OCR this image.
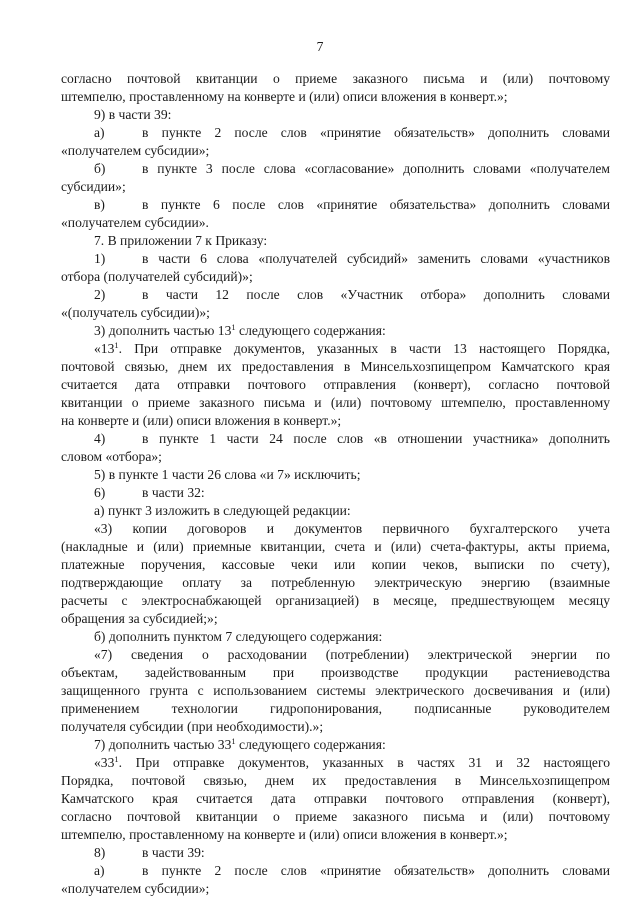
7
согласно почтовой квитанции о приеме заказного письма и (или) почтовому
штемпелю, проставленному на конверте и (или) описи вложения в конверт.»;
9) в части 39:
а)	в пункте 2 после слов «принятие обязательств» дополнить словами
«получателем субсидии»;
б)	в пункте 3 после слова «согласование» дополнить словами «получателем
субсидии»;
в)	в пункте 6 после слов «принятие обязательства» дополнить словами
«получателем субсидии».
7. В приложении 7 к Приказу:
1)	в части 6 слова «получателей субсидий» заменить словами «участников
отбора (получателей субсидий)»;
2)	в части 12 после слов «Участник отбора» дополнить словами
«(получатель субсидии)»;
3) дополнить частью $13^1$ следующего содержания:
«$13^1$. При отправке документов, указанных в части 13 настоящего Порядка,
почтовой связью, днем их предоставления в Минсельхозпищепром Камчатского края
считается дата отправки почтового отправления (конверт), согласно почтовой
квитанции о приеме заказного письма и (или) почтовому штемпелю, проставленному
на конверте и (или) описи вложения в конверт.»;
4)	в пункте 1 части 24 после слов «в отношении участника» дополнить
словом «отбора»;
5) в пункте 1 части 26 слова «и 7» исключить;
6)	в части 32:
а) пункт 3 изложить в следующей редакции:
«3) копии договоров и документов первичного бухгалтерского учета
(накладные и (или) приемные квитанции, счета и (или) счета-фактуры, акты приема,
платежные поручения, кассовые чеки или копии чеков, выписки по счету),
подтверждающие оплату за потребленную электрическую энергию (взаимные
расчеты с электроснабжающей организацией) в месяце, предшествующем месяцу
обращения за субсидией;»;
б) дополнить пунктом 7 следующего содержания:
«7) сведения о расходовании (потреблении) электрической энергии по
объектам, задействованным при производстве продукции растениеводства
защищенного грунта с использованием системы электрического досвечивания и (или)
применением технологии гидропонирования, подписанные руководителем
получателя субсидии (при необходимости).»;
7) дополнить частью $33^1$ следующего содержания:
«$33^1$. При отправке документов, указанных в частях 31 и 32 настоящего
Порядка, почтовой связью, днем их предоставления в Минсельхозпищепром
Камчатского края считается дата отправки почтового отправления (конверт),
согласно почтовой квитанции о приеме заказного письма и (или) почтовому
штемпелю, проставленному на конверте и (или) описи вложения в конверт.»;
8)	в части 39:
а)	в пункте 2 после слов «принятие обязательств» дополнить словами
«получателем субсидии»;
